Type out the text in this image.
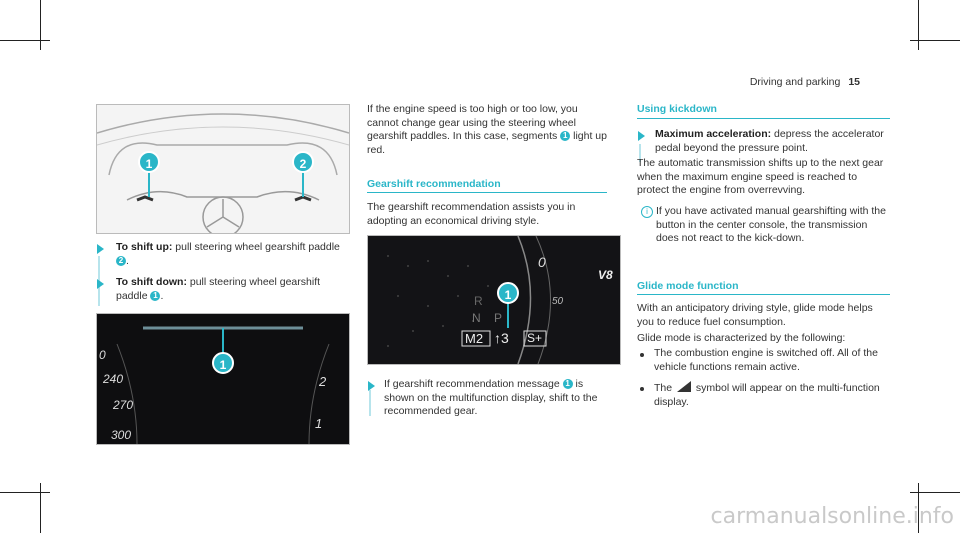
Driving and parking 15
1	2
To shift up: pull steering wheel gearshift paddle 2 .
To shift down: pull steering wheel gearshift paddle 1 .
1
0
240
270
300
2
1
If the engine speed is too high or too low, you cannot change gear using the steering wheel gearshift paddles. In this case, segments 1 light up red.
Gearshift recommendation
The gearshift recommendation assists you in adopting an economical driving style.
1
R
N P
M2 ↑3 S+
V8
0
50
If gearshift recommendation message 1 is shown on the multifunction display, shift to the recommended gear.
Using kickdown
Maximum acceleration: depress the accelerator pedal beyond the pressure point.
The automatic transmission shifts up to the next gear when the maximum engine speed is reached to protect the engine from overrevving.
i If you have activated manual gearshifting with the button in the center console, the transmission does not react to the kick-down.
Glide mode function
With an anticipatory driving style, glide mode helps you to reduce fuel consumption.
Glide mode is characterized by the following:
The combustion engine is switched off. All of the vehicle functions remain active.
The  symbol will appear on the multi-function display.
carmanualsonline.info
